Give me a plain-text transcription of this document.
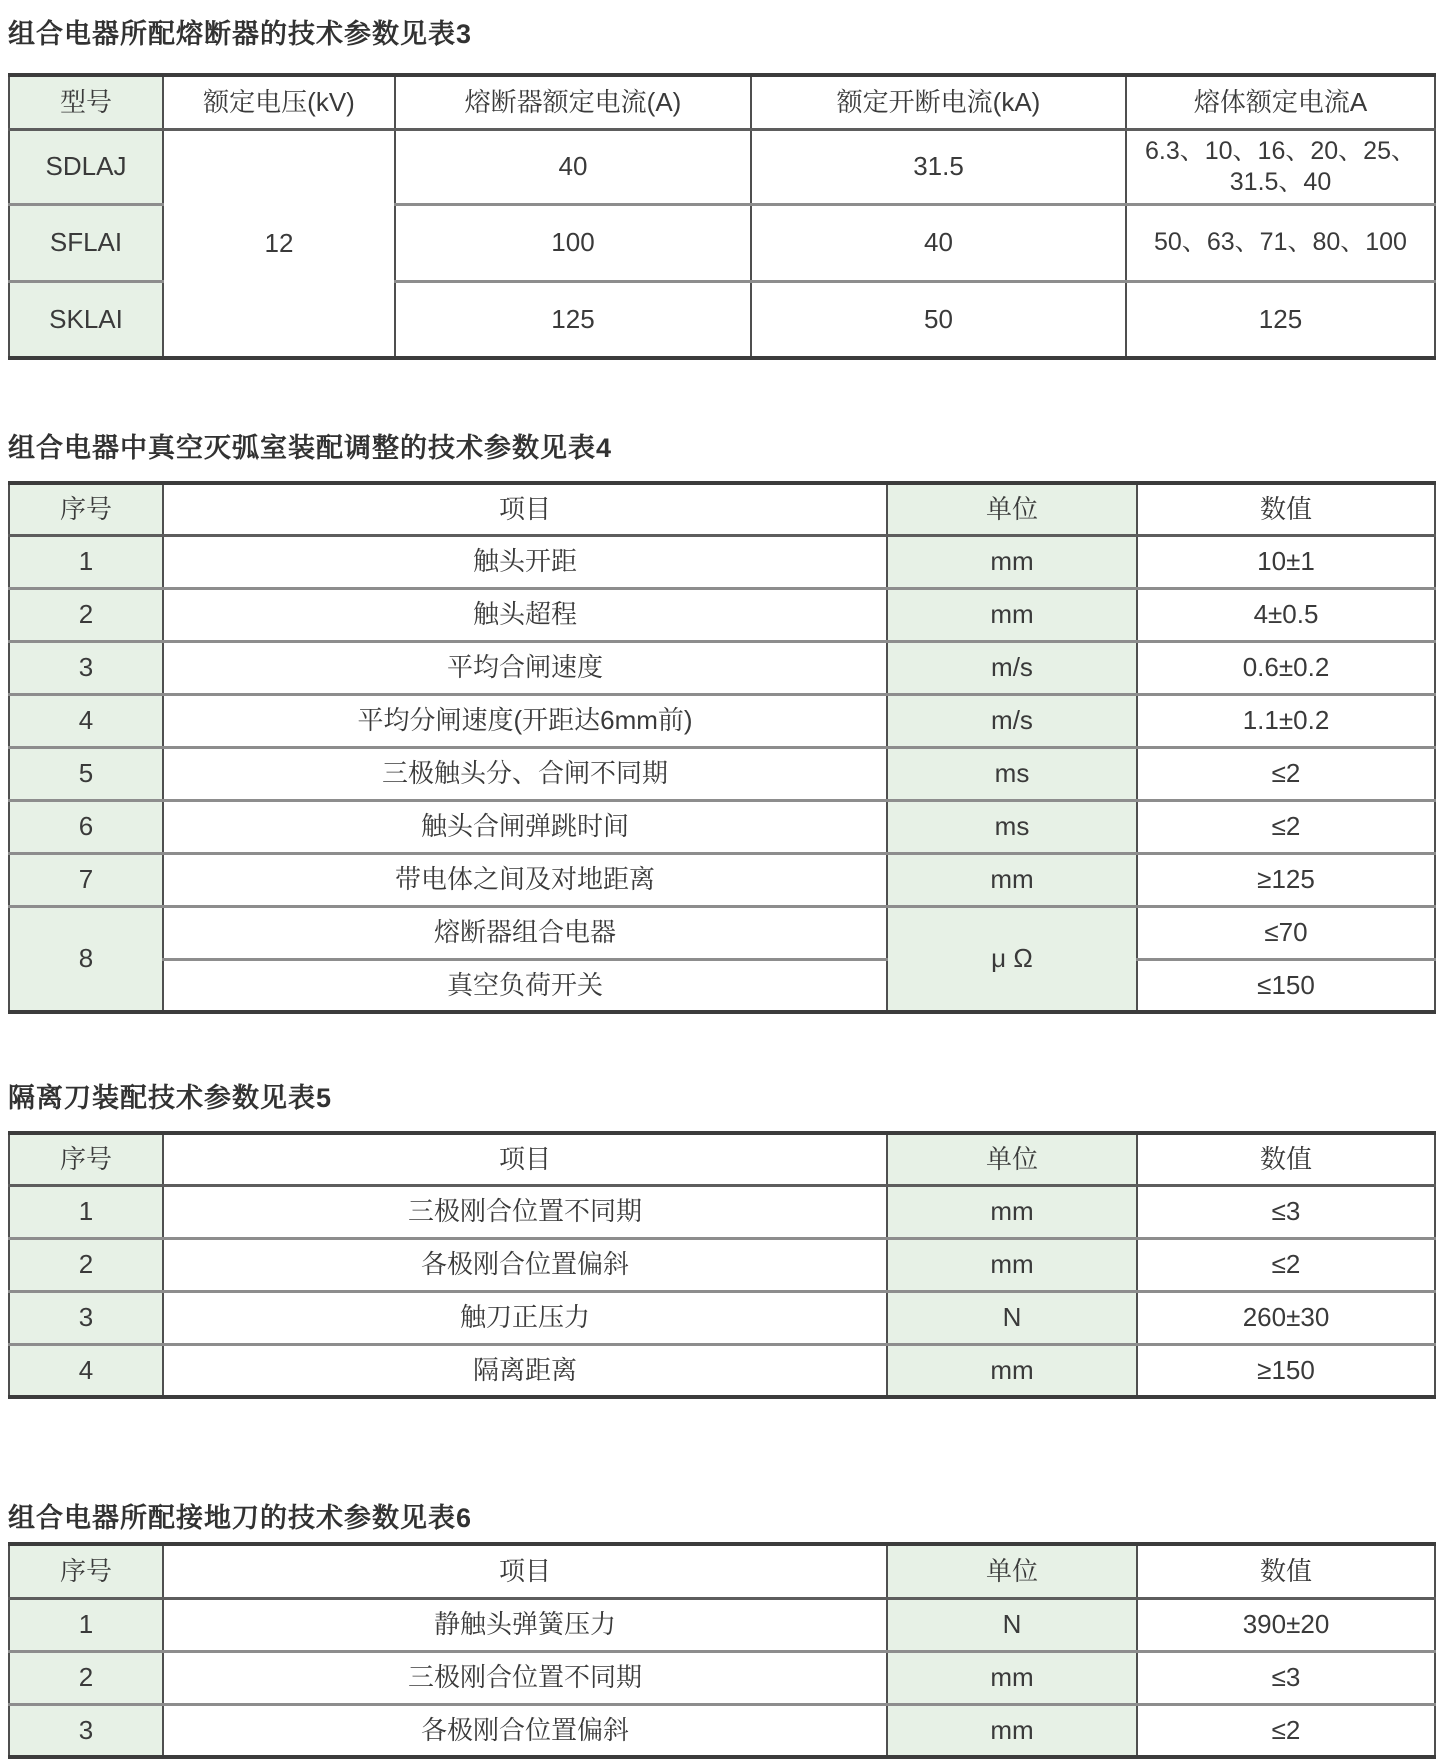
组合电器所配熔断器的技术参数见表3
型号	额定电压(kV)	熔断器额定电流(A)	额定开断电流(kA)	熔体额定电流A
SDLAJ	12	40	31.5	6.3、10、16、20、25、31.5、40
SFLAI		100	40	50、63、71、80、100
SKLAI		125	50	125
组合电器中真空灭弧室装配调整的技术参数见表4
序号	项目	单位	数值
1	触头开距	mm	10±1
2	触头超程	mm	4±0.5
3	平均合闸速度	m/s	0.6±0.2
4	平均分闸速度(开距达6mm前)	m/s	1.1±0.2
5	三极触头分、合闸不同期	ms	≤2
6	触头合闸弹跳时间	ms	≤2
7	带电体之间及对地距离	mm	≥125
8	熔断器组合电器	μ Ω	≤70
	真空负荷开关		≤150
隔离刀装配技术参数见表5
序号	项目	单位	数值
1	三极刚合位置不同期	mm	≤3
2	各极刚合位置偏斜	mm	≤2
3	触刀正压力	N	260±30
4	隔离距离	mm	≥150
组合电器所配接地刀的技术参数见表6
序号	项目	单位	数值
1	静触头弹簧压力	N	390±20
2	三极刚合位置不同期	mm	≤3
3	各极刚合位置偏斜	mm	≤2
